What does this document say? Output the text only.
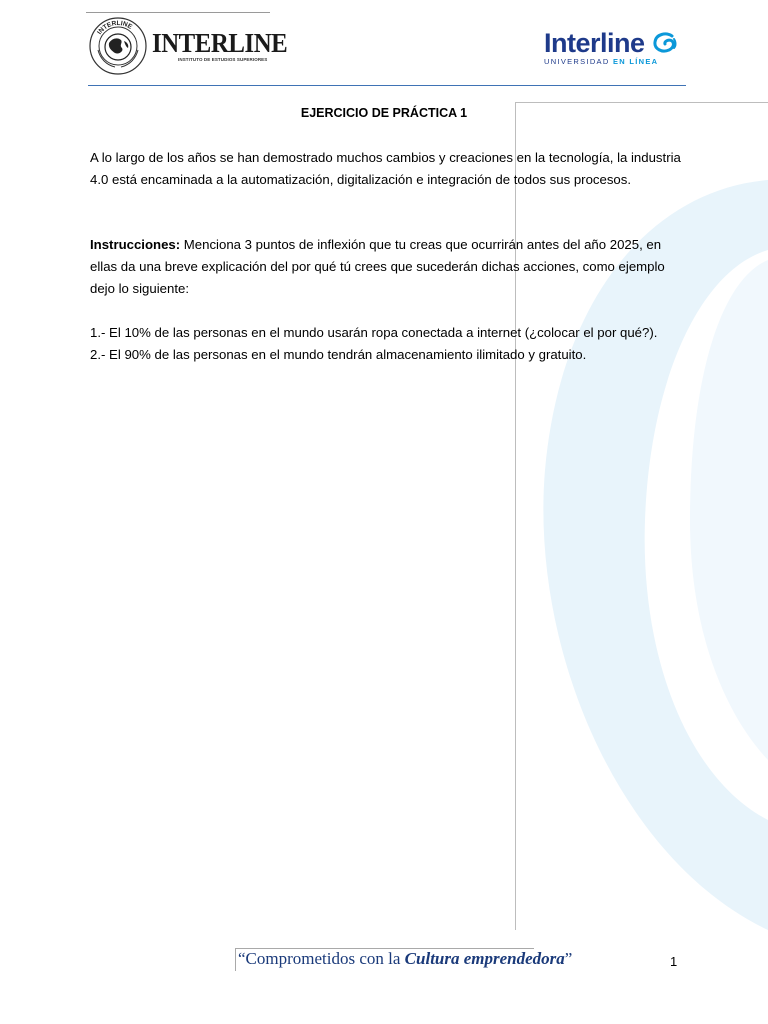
INTERLINE
INTERLINE
INSTITUTO DE ESTUDIOS SUPERIORES
Interline
UNIVERSIDAD EN LÍNEA
EJERCICIO DE PRÁCTICA 1

A lo largo de los años se han demostrado muchos cambios y creaciones en la tecnología, la industria 4.0 está encaminada a la automatización, digitalización e integración de todos sus procesos.

Instrucciones: Menciona 3 puntos de inflexión que tu creas que ocurrirán antes del año 2025, en ellas da una breve explicación del por qué tú crees que sucederán dichas acciones, como ejemplo dejo lo siguiente:

1.- El 10% de las personas en el mundo usarán ropa conectada a internet (¿colocar el por qué?).

2.- El 90% de las personas en el mundo tendrán almacenamiento ilimitado y gratuito.

“Comprometidos con la Cultura emprendedora”	1
